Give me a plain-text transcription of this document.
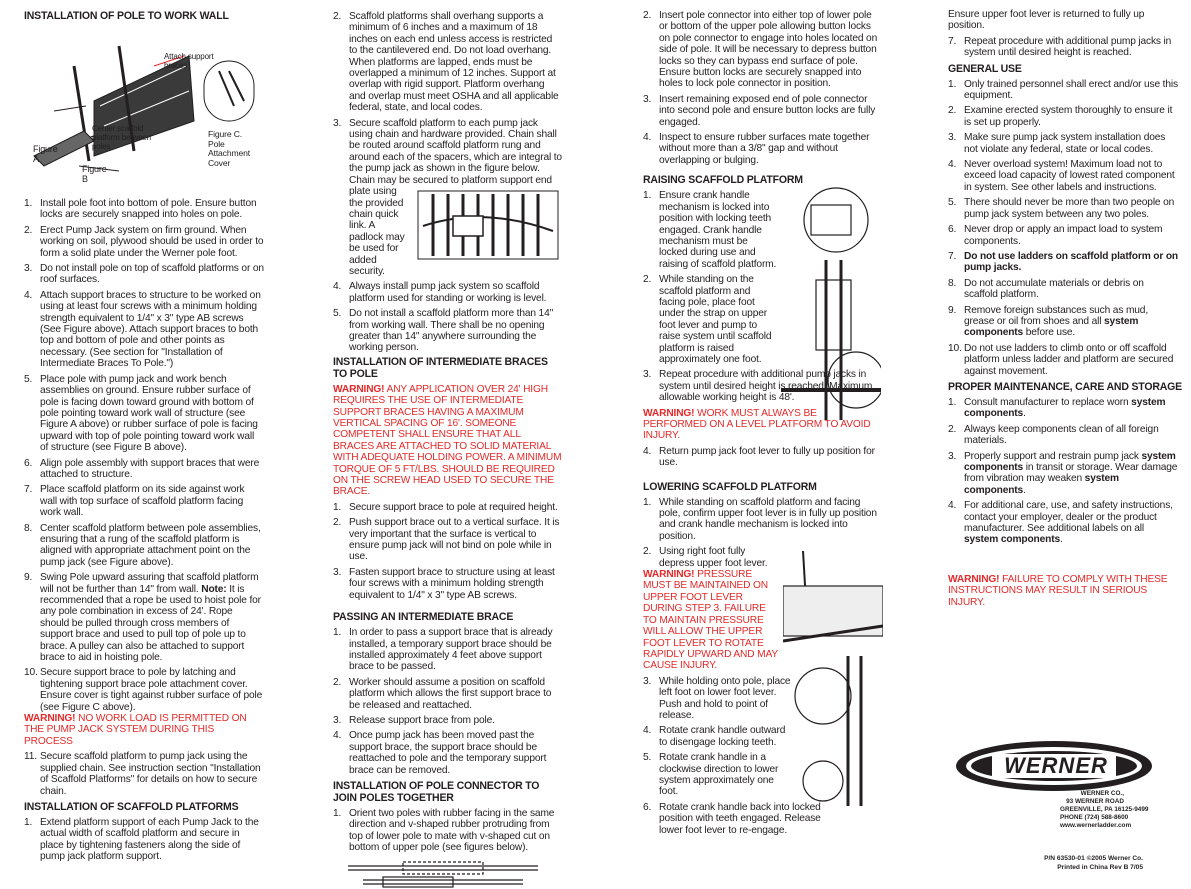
INSTALLATION OF POLE TO WORK WALL
Attach support braces
Center scaffold platform between poles
Figure A
Figure B
Figure C. Pole Attachment Cover
1. Install pole foot into bottom of pole. Ensure button locks are securely snapped into holes on pole.
2. Erect Pump Jack system on firm ground. When working on soil, plywood should be used in order to form a solid plate under the Werner pole foot.
3. Do not install pole on top of scaffold platforms or on roof surfaces.
4. Attach support braces to structure to be worked on using at least four screws with a minimum holding strength equivalent to 1/4" x 3" type AB screws (See Figure above). Attach support braces to both top and bottom of pole and other points as necessary. (See section for "Installation of Intermediate Braces To Pole.")
5. Place pole with pump jack and work bench assemblies on ground. Ensure rubber surface of pole is facing down toward ground with bottom of pole pointing toward work wall of structure (see Figure A above) or rubber surface of pole is facing upward with top of pole pointing toward work wall of structure (see Figure B above).
6. Align pole assembly with support braces that were attached to structure.
7. Place scaffold platform on its side against work wall with top surface of scaffold platform facing work wall.
8. Center scaffold platform between pole assemblies, ensuring that a rung of the scaffold platform is aligned with appropriate attachment point on the pump jack (see Figure above).
9. Swing Pole upward assuring that scaffold platform will not be further than 14" from wall. Note: It is recommended that a rope be used to hoist pole for any pole combination in excess of 24'. Rope should be pulled through cross members of support brace and used to pull top of pole up to brace. A pulley can also be attached to support brace to aid in hoisting pole.
10. Secure support brace to pole by latching and tightening support brace pole attachment cover. Ensure cover is tight against rubber surface of pole (see Figure C above).
WARNING! NO WORK LOAD IS PERMITTED ON THE PUMP JACK SYSTEM DURING THIS PROCESS
11. Secure scaffold platform to pump jack using the supplied chain. See instruction section "Installation of Scaffold Platforms" for details on how to secure chain.
INSTALLATION OF SCAFFOLD PLATFORMS
1. Extend platform support of each Pump Jack to the actual width of scaffold platform and secure in place by tightening fasteners along the side of pump jack platform support.
2. Scaffold platforms shall overhang supports a minimum of 6 inches and a maximum of 18 inches on each end unless access is restricted to the cantilevered end. Do not load overhang. When platforms are lapped, ends must be overlapped a minimum of 12 inches. Support at overlap with rigid support. Platform overhang and overlap must meet OSHA and all applicable federal, state, and local codes.
3. Secure scaffold platform to each pump jack using chain and hardware provided. Chain shall be routed around scaffold platform rung and around each of the spacers, which are integral to the pump jack as shown in the figure below. Chain may be secured to platform support end plate using the provided chain quick link. A padlock may be used for added security.
4. Always install pump jack system so scaffold platform used for standing or working is level.
5. Do not install a scaffold platform more than 14" from working wall. There shall be no opening greater than 14" anywhere surrounding the working person.
INSTALLATION OF INTERMEDIATE BRACES TO POLE
WARNING! ANY APPLICATION OVER 24' HIGH REQUIRES THE USE OF INTERMEDIATE SUPPORT BRACES HAVING A MAXIMUM VERTICAL SPACING OF 16'. SOMEONE COMPETENT SHALL ENSURE THAT ALL BRACES ARE ATTACHED TO SOLID MATERIAL WITH ADEQUATE HOLDING POWER. A MINIMUM TORQUE OF 5 FT/LBS. SHOULD BE REQUIRED ON THE SCREW HEAD USED TO SECURE THE BRACE.
1. Secure support brace to pole at required height.
2. Push support brace out to a vertical surface. It is very important that the surface is vertical to ensure pump jack will not bind on pole while in use.
3. Fasten support brace to structure using at least four screws with a minimum holding strength equivalent to 1/4" x 3" type AB screws.
PASSING AN INTERMEDIATE BRACE
1. In order to pass a support brace that is already installed, a temporary support brace should be installed approximately 4 feet above support brace to be passed.
2. Worker should assume a position on scaffold platform which allows the first support brace to be released and reattached.
3. Release support brace from pole.
4. Once pump jack has been moved past the support brace, the support brace should be reattached to pole and the temporary support brace can be removed.
INSTALLATION OF POLE CONNECTOR TO JOIN POLES TOGETHER
1. Orient two poles with rubber facing in the same direction and v-shaped rubber protruding from top of lower pole to mate with v-shaped cut on bottom of upper pole (see figures below).
2. Insert pole connector into either top of lower pole or bottom of the upper pole allowing button locks on pole connector to engage into holes located on side of pole. It will be necessary to depress button locks so they can bypass end surface of pole. Ensure button locks are securely snapped into holes to lock pole connector in position.
3. Insert remaining exposed end of pole connector into second pole and ensure button locks are fully engaged.
4. Inspect to ensure rubber surfaces mate together without more than a 3/8" gap and without overlapping or bulging.
RAISING SCAFFOLD PLATFORM
1. Ensure crank handle mechanism is locked into position with locking teeth engaged. Crank handle mechanism must be locked during use and raising of scaffold platform.
2. While standing on the scaffold platform and facing pole, place foot under the strap on upper foot lever and pump to raise system until scaffold platform is raised approximately one foot.
3. Repeat procedure with additional pump jacks in system until desired height is reached. Maximum allowable working height is 48'.
WARNING! WORK MUST ALWAYS BE PERFORMED ON A LEVEL PLATFORM TO AVOID INJURY.
4. Return pump jack foot lever to fully up position for use.
LOWERING SCAFFOLD PLATFORM
1. While standing on scaffold platform and facing pole, confirm upper foot lever is in fully up position and crank handle mechanism is locked into position.
2. Using right foot fully depress upper foot lever.
WARNING! PRESSURE MUST BE MAINTAINED ON UPPER FOOT LEVER DURING STEP 3. FAILURE TO MAINTAIN PRESSURE WILL ALLOW THE UPPER FOOT LEVER TO ROTATE RAPIDLY UPWARD AND MAY CAUSE INJURY.
3. While holding onto pole, place left foot on lower foot lever. Push and hold to point of release.
4. Rotate crank handle outward to disengage locking teeth.
5. Rotate crank handle in a clockwise direction to lower system approximately one foot.
6. Rotate crank handle back into locked position with teeth engaged. Release lower foot lever to re-engage.
Ensure upper foot lever is returned to fully up position.
7. Repeat procedure with additional pump jacks in system until desired height is reached.
GENERAL USE
1. Only trained personnel shall erect and/or use this equipment.
2. Examine erected system thoroughly to ensure it is set up properly.
3. Make sure pump jack system installation does not violate any federal, state or local codes.
4. Never overload system! Maximum load not to exceed load capacity of lowest rated component in system. See other labels and instructions.
5. There should never be more than two people on pump jack system between any two poles.
6. Never drop or apply an impact load to system components.
7. Do not use ladders on scaffold platform or on pump jacks.
8. Do not accumulate materials or debris on scaffold platform.
9. Remove foreign substances such as mud, grease or oil from shoes and all system components before use.
10. Do not use ladders to climb onto or off scaffold platform unless ladder and platform are secured against movement.
PROPER MAINTENANCE, CARE AND STORAGE
1. Consult manufacturer to replace worn system components.
2. Always keep components clean of all foreign materials.
3. Properly support and restrain pump jack system components in transit or storage. Wear damage from vibration may weaken system components.
4. For additional care, use, and safety instructions, contact your employer, dealer or the product manufacturer. See additional labels on all system components.
WARNING! FAILURE TO COMPLY WITH THESE INSTRUCTIONS MAY RESULT IN SERIOUS INJURY.
WERNER
WERNER CO.,
93 WERNER ROAD
GREENVILLE, PA 16125-9499
PHONE (724) 588-8600
www.wernerladder.com
P/N 63530-01 ©2005 Werner Co.
Printed in China Rev B 7/05
